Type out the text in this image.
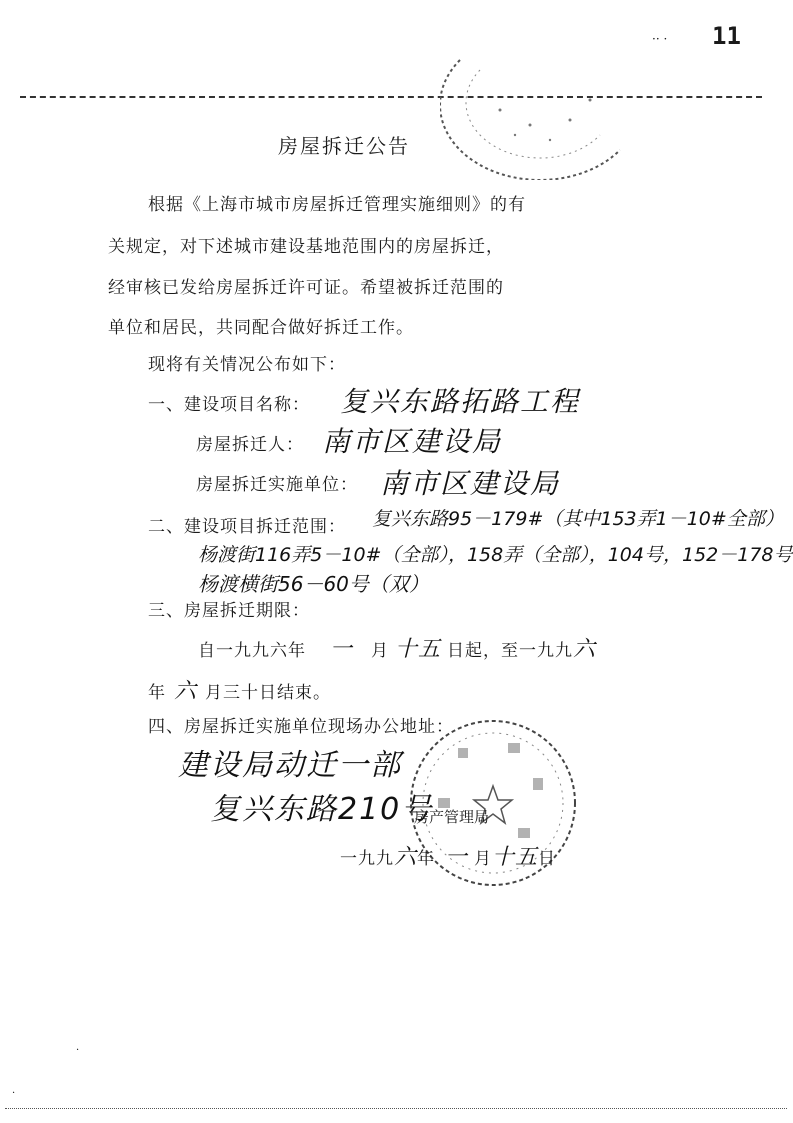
11
·· ·
房屋拆迁公告
根据《上海市城市房屋拆迁管理实施细则》的有
关规定，对下述城市建设基地范围内的房屋拆迁，
经审核已发给房屋拆迁许可证。希望被拆迁范围的
单位和居民，共同配合做好拆迁工作。
现将有关情况公布如下：
一、建设项目名称： 复兴东路拓路工程
房屋拆迁人： 南市区建设局
房屋拆迁实施单位： 南市区建设局
二、建设项目拆迁范围： 复兴东路95－179#（其中153弄1－10#全部）
杨渡街116弄5－10#（全部），158弄（全部），104号，152－178号
杨渡横街56－60号（双）
三、房屋拆迁期限：
自一九九六年 一 月 十五 日起，至一九九六
年 六 月三十日结束。
四、房屋拆迁实施单位现场办公地址：
建设局动迁一部
复兴东路210号
房产管理局
一九九六年 一 月十五日
·
·
